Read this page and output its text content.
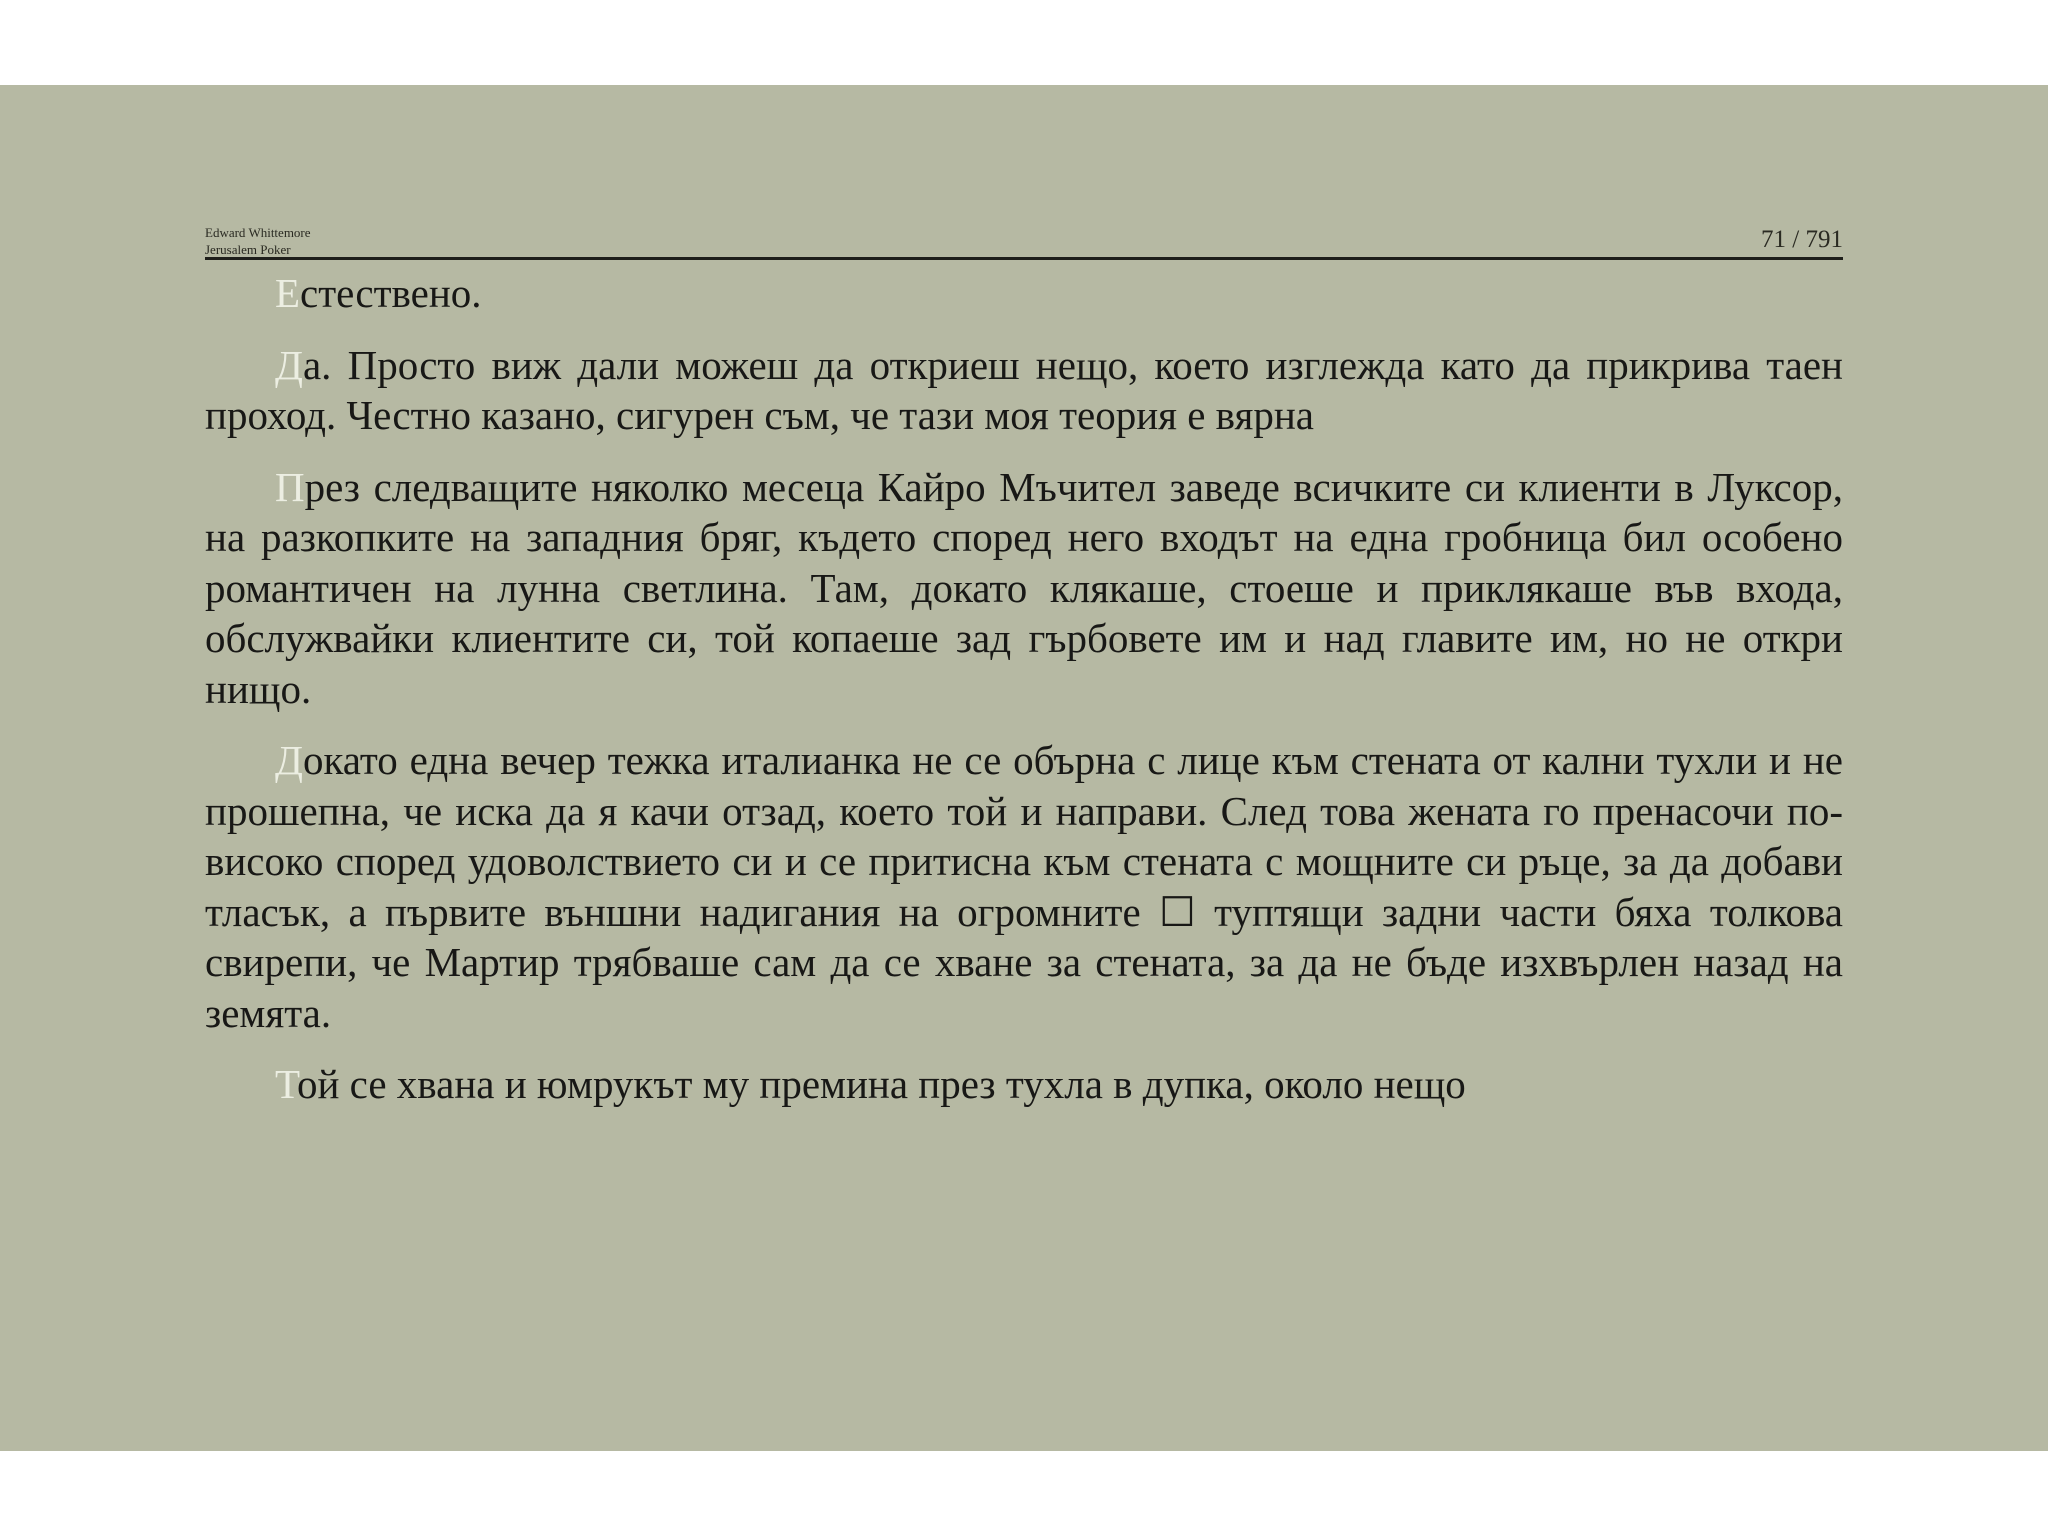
Edward Whittemore
Jerusalem Poker	71 / 791

Естествено.

Да. Просто виж дали можеш да откриеш нещо, което изглежда като да прикрива таен проход. Честно казано, сигурен съм, че тази моя теория е вярна

През следващите няколко месеца Кайро Мъчител заведе всичките си клиенти в Луксор, на разкопките на западния бряг, където според него входът на една гробница бил особено романтичен на лунна светлина. Там, докато клякаше, стоеше и приклякаше във входа, обслужвайки клиентите си, той копаеше зад гърбовете им и над главите им, но не откри нищо.

Докато една вечер тежка италианка не се обърна с лице към стената от кални тухли и не прошепна, че иска да я качи отзад, което той и направи. След това жената го пренасочи по-високо според удоволствието си и се притисна към стената с мощните си ръце, за да добави тласък, а първите външни надигания на огромните ☐ туптящи задни части бяха толкова свирепи, че Мартир трябваше сам да се хване за стената, за да не бъде изхвърлен назад на земята.

Той се хвана и юмрукът му премина през тухла в дупка, около нещо
